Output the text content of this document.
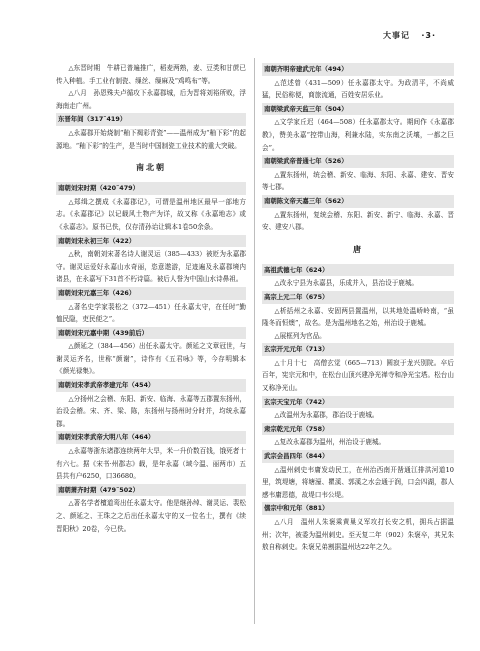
大事记 ·3·

△东晋时期　牛耕已普遍推广，稻麦两熟，麦、豆类和甘蔗已传入种植。手工业有制瓷、缫丝、缫麻及“鸡鸣布”等。

△八月　孙恩殊夫卢循攻下永嘉郡城，后为晋将刘裕所败，浮海南走广州。

东晋年间（317˜419）

△永嘉郡开始烧制“釉下褐彩青瓷”——温州成为“釉下彩”的起源地。“釉下彩”的生产，是当时中国制瓷工业技术的重大突破。

南北朝
南朝刘宋时期（420˜479）

△郑缉之撰成《永嘉郡记》，可谓是温州地区最早一部地方志。《永嘉郡记》以记载风土物产为详，故又称《永嘉地志》或《永嘉志》。原书已佚，仅存清孙诒让辑本1卷50余条。

南朝刘宋永初三年（422）

△秋，南朝刘宋著名诗人谢灵运（385—433）被贬为永嘉郡守。谢灵运爱好永嘉山水奇丽，恣意遨游，足迹遍及永嘉郡境内诸县，在永嘉写下31首不朽诗篇。被后人誉为中国山水诗鼻祖。

南朝刘宋元嘉三年（426）

△著名史学家裴松之（372—451）任永嘉太守，在任时“勤恤民隐，吏民便之”。

南朝刘宋元嘉中期（439前后）

△颜延之（384—456）出任永嘉太守。颜延之文章冠世，与谢灵运齐名，世称“颜谢”，诗作有《五君咏》等，今存明辑本《颜光禄集》。

南朝刘宋孝武帝孝建元年（454）

△分扬州之会稽、东阳、新安、临海、永嘉等五郡置东扬州，治设会稽。宋、齐、梁、陈，东扬州与扬州时分时并，均统永嘉郡。

南朝刘宋孝武帝大明八年（464）

△永嘉等浙东诸郡连续两年大旱，米一升价数百钱，饿死者十有六七。据《宋书·州郡志》载，是年永嘉（域今温、丽两市）五县共有户6250，口36680。

南朝萧齐时期（479˜502）

△著名学者檀道鸾出任永嘉太守。他是继孙绰、谢灵运、裴松之、颜延之、王珠之之后出任永嘉太守的又一位名士，撰有《续晋阳秋》20卷，今已佚。

南朝齐明帝建武元年（494）

△范述曾（431—509）任永嘉郡太守。为政清平，不尚威猛，民俗称便，商旅流通，百姓安居乐业。

南朝梁武帝天监三年（504）

△文学家丘迟（464—508）任永嘉郡太守。期间作《永嘉郡教》，赞美永嘉“控带山海，利兼水陆，实东南之沃壤，一都之巨会”。

南朝梁武帝普通七年（526）

△置东扬州，统会稽、新安、临海、东阳、永嘉、建安、晋安等七郡。

南朝陈文帝天嘉三年（562）

△置东扬州，复统会稽、东阳、新安、新宁、临海、永嘉、晋安、建安八郡。

唐
高祖武德七年（624）

△改永宁县为永嘉县，乐成并入，县治设于鹿城。

高宗上元二年（675）

△析括州之永嘉、安固两县置温州，以其地处温峤岭南，“虽隆冬而恒燠”，故名。是为温州地名之始，州治设于鹿城。

△展框列为官品。

玄宗开元元年（713）

△十月十七　高僧玄觉（665—713）圆寂于龙兴别院。卒后百年，宪宗元和中，在松台山顶兴建净光禅寺和净光宝塔。松台山又称净光山。

玄宗天宝元年（742）

△改温州为永嘉郡，郡治设于鹿城。

肃宗乾元元年（758）

△复改永嘉郡为温州，州治设于鹿城。

武宗会昌四年（844）

△温州刺史韦庸发动民工，在州治西南开凿通江排洪河道10里，筑堤塘，将塘濠、瞿溪、郭溪之水会通于润，口会四湖，郡人感韦庸恩德，故堤口韦公堤。

僖宗中和元年（881）

△八月　温州人朱褒乘黄巢义军攻打长安之机，拥兵占据温州；次年，被委为温州刺史。至天复二年（902）朱褒卒，其兄朱敖自称刺史。朱褒兄弟割据温州达22年之久。
